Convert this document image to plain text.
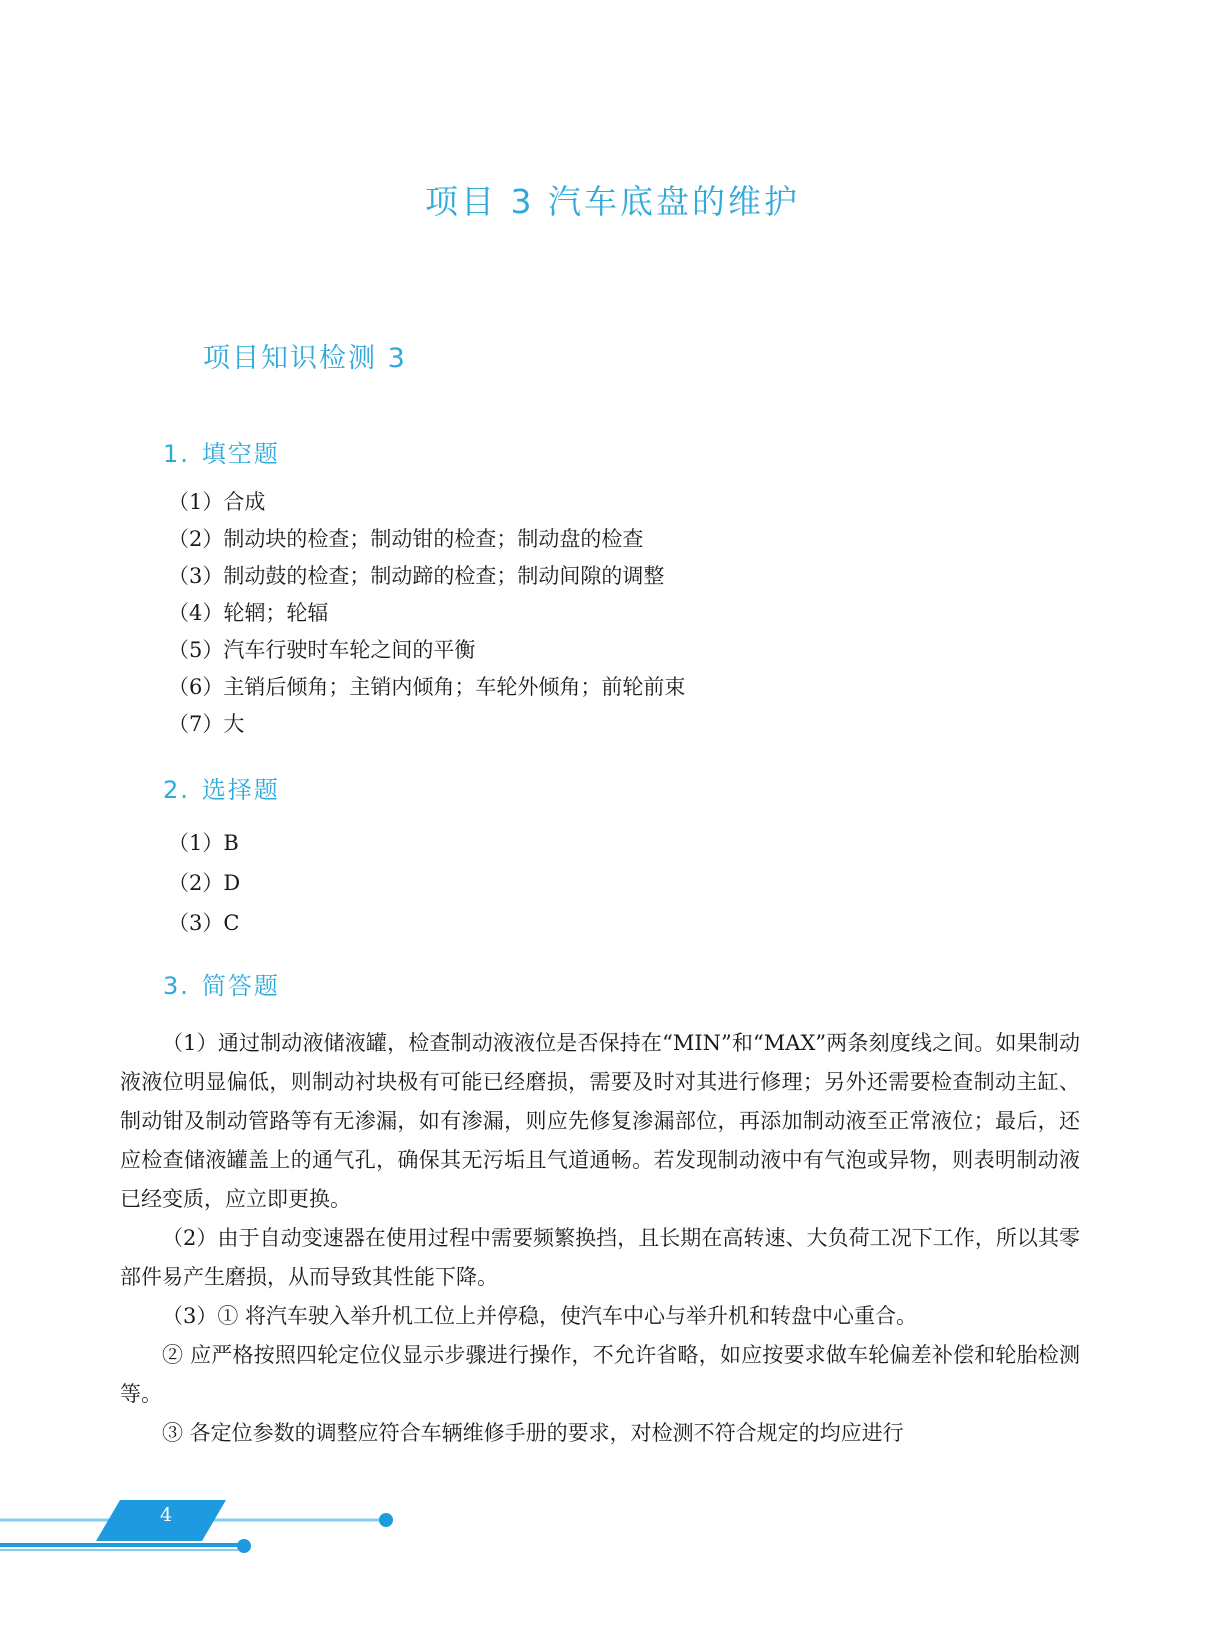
项目 3 汽车底盘的维护
项目知识检测 3
1. 填空题
（1）合成
（2）制动块的检查；制动钳的检查；制动盘的检查
（3）制动鼓的检查；制动蹄的检查；制动间隙的调整
（4）轮辋；轮辐
（5）汽车行驶时车轮之间的平衡
（6）主销后倾角；主销内倾角；车轮外倾角；前轮前束
（7）大
2. 选择题
（1）B
（2）D
（3）C
3. 简答题

（1）通过制动液储液罐，检查制动液液位是否保持在“MIN”和“MAX”两条刻度线之间。如果制动液液位明显偏低，则制动衬块极有可能已经磨损，需要及时对其进行修理；另外还需要检查制动主缸、制动钳及制动管路等有无渗漏，如有渗漏，则应先修复渗漏部位，再添加制动液至正常液位；最后，还应检查储液罐盖上的通气孔，确保其无污垢且气道通畅。若发现制动液中有气泡或异物，则表明制动液已经变质，应立即更换。

（2）由于自动变速器在使用过程中需要频繁换挡，且长期在高转速、大负荷工况下工作，所以其零部件易产生磨损，从而导致其性能下降。

（3）① 将汽车驶入举升机工位上并停稳，使汽车中心与举升机和转盘中心重合。

② 应严格按照四轮定位仪显示步骤进行操作，不允许省略，如应按要求做车轮偏差补偿和轮胎检测等。

③ 各定位参数的调整应符合车辆维修手册的要求，对检测不符合规定的均应进行

4
